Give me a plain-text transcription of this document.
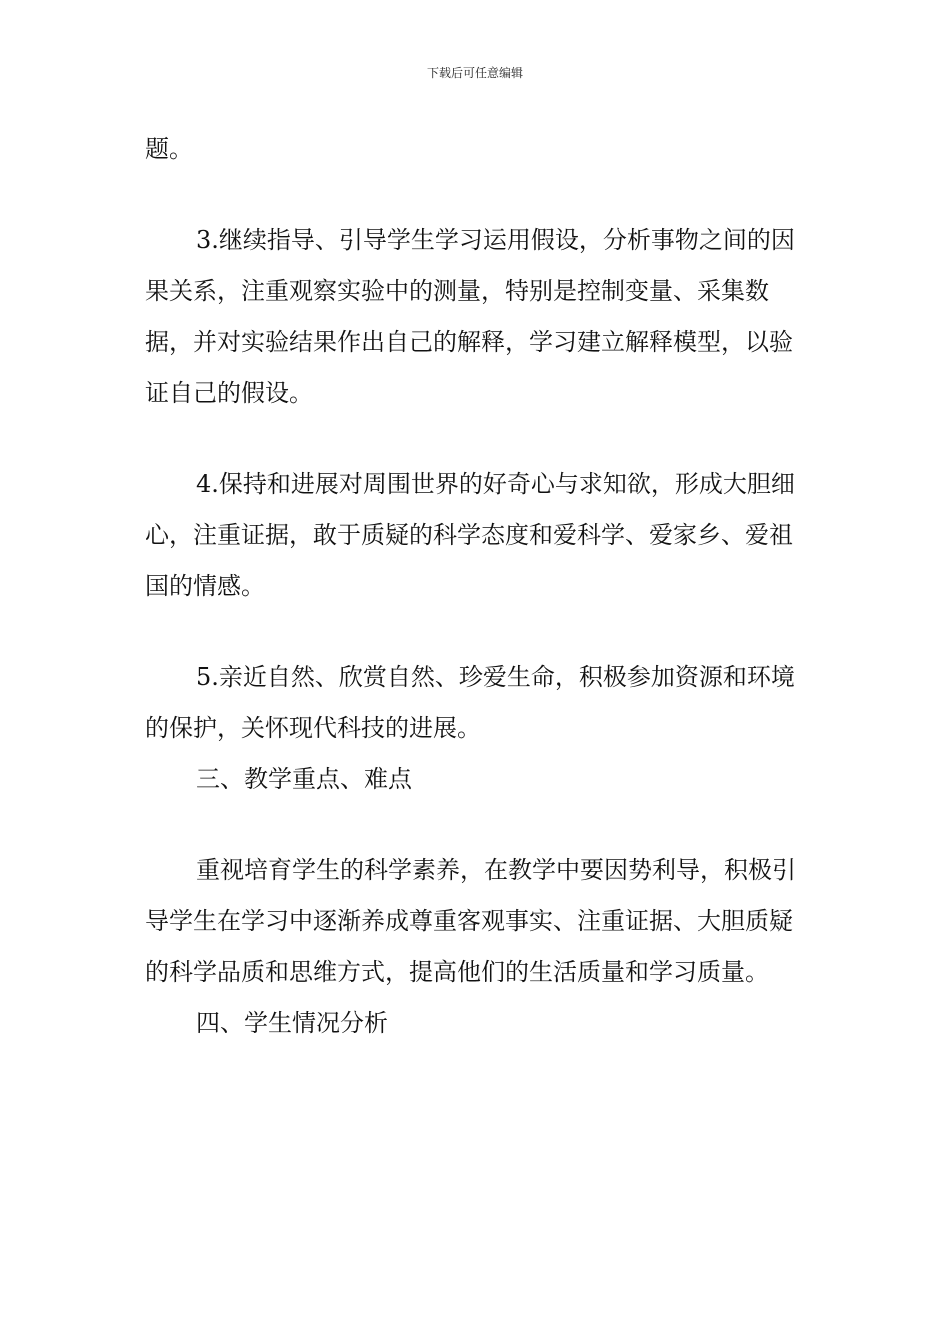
下载后可任意编辑

题。

3.继续指导、引导学生学习运用假设，分析事物之间的因果关系，注重观察实验中的测量，特别是控制变量、采集数据，并对实验结果作出自己的解释，学习建立解释模型，以验证自己的假设。

4.保持和进展对周围世界的好奇心与求知欲，形成大胆细心，注重证据，敢于质疑的科学态度和爱科学、爱家乡、爱祖国的情感。

5.亲近自然、欣赏自然、珍爱生命，积极参加资源和环境的保护，关怀现代科技的进展。

三、教学重点、难点

重视培育学生的科学素养，在教学中要因势利导，积极引导学生在学习中逐渐养成尊重客观事实、注重证据、大胆质疑的科学品质和思维方式，提高他们的生活质量和学习质量。

四、学生情况分析
